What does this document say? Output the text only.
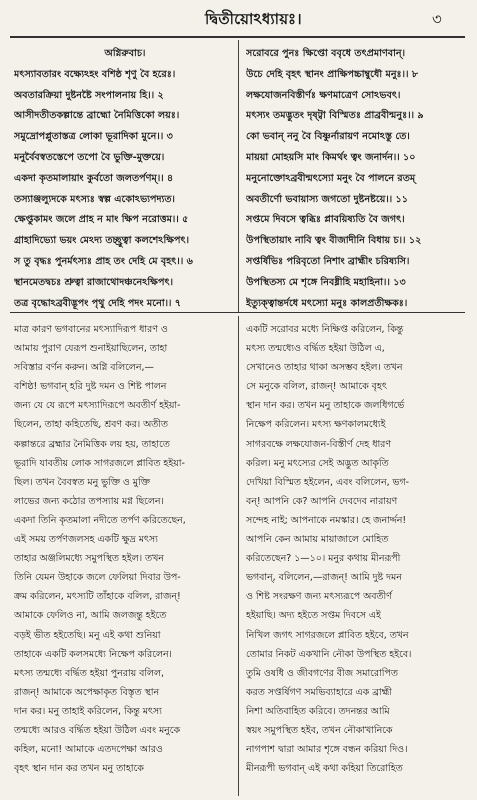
দ্বিতীয়োঽধ্যায়ঃ।	৩
অগ্নিরুবাচ।
মৎস্যাবতারং বক্ষ্যেঽহং বশিষ্ঠ শৃণু বৈ হরেঃ।
অবতারক্রিয়া দুষ্টনষ্টৈ সংপালনায় হি।। ২
আসীদতীতকল্পান্তে ব্রাহ্মো নৈমিত্তিকো লয়ঃ।
সমুদ্রোপপ্লুতাস্তত্র লোকা ভূরাদিকা মুনে।। ৩
মনুর্বৈবস্বতস্তেপে তপো বৈ ভুক্তি-মুক্তয়ে।
একদা কৃতমালায়াং কুর্বতো জলতর্পণম্।। ৪
তস্যাঞ্জল্যুদকে মৎস্যঃ স্বল্প একোঽভ্যপদ্যত।
ক্ষেপ্তুকামং জলে প্রাহ ন মাং ক্ষিপ নরোত্তম।। ৫
গ্রাহাদিভ্যো ভয়ং মেঽদ্য তচ্ছ্রুত্বা কলশেঽক্ষিপৎ।
স তু বৃদ্ধঃ পুনর্মৎস্যঃ প্রাহ তং দেহি মে বৃহৎ।। ৬
স্থানমেতদ্বচঃ শ্রুত্বা রাজাথোদঞ্চনেঽক্ষিপৎ।
তত্র বৃদ্ধোঽব্রবীদ্ভূপং পৃথু দেহি পদং মনো।। ৭
সরোবরে পুনঃ ক্ষিপ্তো ববৃধে তৎপ্রমাণবান্।
উচে দেহি বৃহৎ স্থানং প্রাক্ষিপচ্চাম্বুধৌ মনুঃ।। ৮
লক্ষযোজনবিস্তীর্ণঃ ক্ষণমাত্রেণ সোঽভবৎ।
মৎস্যং তমদ্ভুতং দৃষ্ট্বা বিস্মিতঃ প্রাব্রবীন্মনুঃ।। ৯
কো ভবান্ ননু বৈ বিষ্ণুর্নারায়ণ নমোঽস্তু তে।
মায়য়া মোহয়সি মাং কিমর্থং ত্বং জনার্দন।। ১০
মনুনোক্তোঽব্রবীন্মৎস্যো মনুং বৈ পালনে রতম্
অবতীর্ণো ভবায়াস্য জগতো দুষ্টনষ্টয়ে।। ১১
সপ্তমে দিবসে ত্বব্ধিঃ প্লাবয়িষ্যতি বৈ জগৎ।
উপস্থিতায়াং নাবি ত্বং বীজাদীনি বিধায় চ।। ১২
সপ্তর্ষিভিঃ পরিবৃতো নিশাং ব্রাহ্মীং চরিষ্যসি।
উপস্থিতস্য মে শৃঙ্গে নিবধ্নীহি মহাহিনা।। ১৩
ইত্যুক্ত্বান্তর্দধে মৎস্যো মনুঃ কালপ্রতীক্ষকঃ।
মাত্র কারণ ভগবানের মৎস্যাদিরূপ ধারণ ও
আমায় পুরাণ যেরূপ শুনাইয়াছিলেন, তাহা
সবিস্তার বর্ণন করুন। অগ্নি বলিলেন,—
বশিষ্ঠ! ভগবান্ হরি দুষ্ট দমন ও শিষ্ট পালন
জন্য যে যে রূপে মৎস্যাদিরূপে অবতীর্ণ হইয়া-
ছিলেন, তাহা কহিতেছি, শ্রবণ কর। অতীত
কল্পান্তরে ব্রহ্মার নৈমিত্তিক লয় হয়, তাহাতে
ভূরাদি যাবতীয় লোক সাগরজলে প্লাবিত হইয়া-
ছিল। তখন বৈবস্বত মনু ভুক্তি ও মুক্তি
লাভের জন্য কঠোর তপস্যায় মগ্ন ছিলেন।
একদা তিনি কৃতমালা নদীতে তর্পণ করিতেছেন,
এই সময় তর্পণজলসহ একটি ক্ষুদ্র মৎস্য
তাহার অঞ্জলিমধ্যে সমুপস্থিত হইল। তখন
তিনি যেমন উহাকে জলে ফেলিয়া দিবার উপ-
ক্রম করিলেন, মৎস্যটি তাঁহাকে বলিল, রাজন্!
আমাকে ফেলিও না, আমি জলজন্তু হইতে
বড়ই ভীত হইতেছি। মনু এই কথা শুনিয়া
তাহাকে একটি কলসমধ্যে নিক্ষেপ করিলেন।
মৎস্য তন্মধ্যে বর্দ্ধিত হইয়া পুনরায় বলিল,
রাজন্! আমাকে অপেক্ষাকৃত বিস্তৃত স্থান
দান কর। মনু তাহাই করিলেন, কিন্তু মৎস্য
তন্মধ্যে আরও বর্দ্ধিত হইয়া উঠিল এবং মনুকে
কহিল, মনো! আমাকে এতদপেক্ষা আরও
বৃহৎ স্থান দান কর তখন মনু তাহাকে
একটি সরোবর মধ্যে নিক্ষিপ্ত করিলেন, কিন্তু
মৎস্য তন্মধ্যেও বর্দ্ধিত হইয়া উঠিল এ,
সেখানেও তাহার থাকা অসম্ভব হইল। তখন
সে মনুকে বলিল, রাজন্! আমাকে বৃহৎ
স্থান দান কর। তখন মনু তাহাকে জলধিগর্ভে
নিক্ষেপ করিলেন। মৎস্য ক্ষণকালমধ্যেই
সাগরবক্ষে লক্ষযোজন-বিস্তীর্ণ দেহ ধারণ
করিল। মনু মৎস্যের সেই অদ্ভুত আকৃতি
দেখিয়া বিস্মিত হইলেন, এবং বলিলেন, ভগ-
বন্! আপনি কে? আপনি দেবদেব নারায়ণ
সন্দেহ নাই; আপনাকে নমস্কার। হে জনার্দ্দন!
আপনি কেন আমায় মায়াজালে মোহিত
করিতেছেন? ১—১০। মনুর কথায় মীনরূপী
ভগবান্, বলিলেন,—রাজন্! আমি দুষ্ট দমন
ও শিষ্ট সংরক্ষণ জন্য মৎস্যরূপে অবতীর্ণ
হইয়াছি। অদ্য হইতে সপ্তম দিবসে এই
নিখিল জগৎ সাগরজলে প্লাবিত হইবে, তখন
তোমার নিকট একখানি নৌকা উপস্থিত হইবে।
তুমি ওষধি ও জীবগণের বীজ সমারোপিত
করত সপ্তর্ষিগণ সমভিব্যাহারে এক ব্রাহ্মী
নিশা অতিবাহিত করিবে। তদনন্তর আমি
স্বয়ং সমুপস্থিত হইব, তখন নৌকাখানিকে
নাগপাশ দ্বারা আমার শৃঙ্গে বন্ধন করিয়া দিও।
মীনরূপী ভগবান্ এই কথা কহিয়া তিরোহিত
